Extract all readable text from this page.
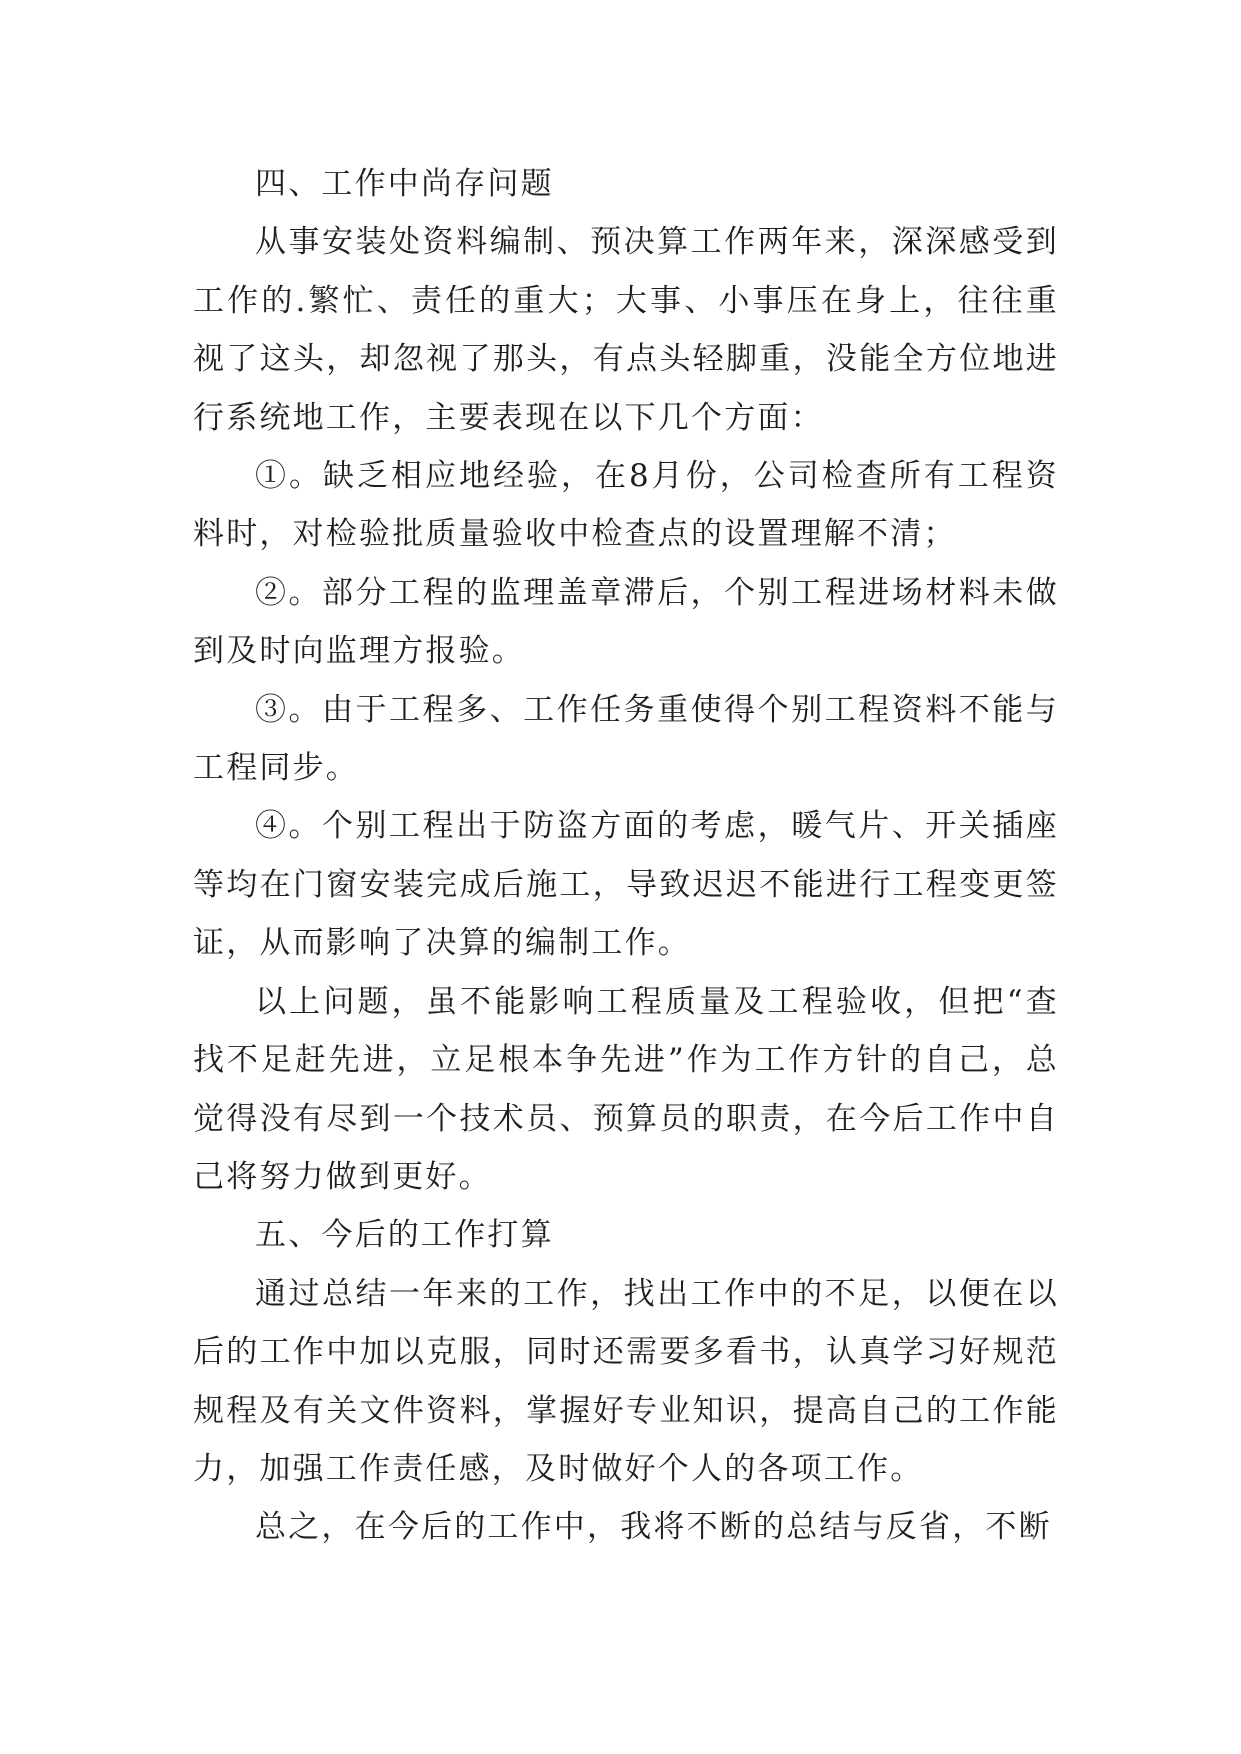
四、工作中尚存问题

从事安装处资料编制、预决算工作两年来，深深感受到工作的.繁忙、责任的重大；大事、小事压在身上，往往重视了这头，却忽视了那头，有点头轻脚重，没能全方位地进行系统地工作，主要表现在以下几个方面：

①。缺乏相应地经验，在8月份，公司检查所有工程资料时，对检验批质量验收中检查点的设置理解不清；

②。部分工程的监理盖章滞后，个别工程进场材料未做到及时向监理方报验。

③。由于工程多、工作任务重使得个别工程资料不能与工程同步。

④。个别工程出于防盗方面的考虑，暖气片、开关插座等均在门窗安装完成后施工，导致迟迟不能进行工程变更签证，从而影响了决算的编制工作。

以上问题，虽不能影响工程质量及工程验收，但把“查找不足赶先进，立足根本争先进”作为工作方针的自己，总觉得没有尽到一个技术员、预算员的职责，在今后工作中自己将努力做到更好。

五、今后的工作打算

通过总结一年来的工作，找出工作中的不足，以便在以后的工作中加以克服，同时还需要多看书，认真学习好规范规程及有关文件资料，掌握好专业知识，提高自己的工作能力，加强工作责任感，及时做好个人的各项工作。

总之，在今后的工作中，我将不断的总结与反省，不断
